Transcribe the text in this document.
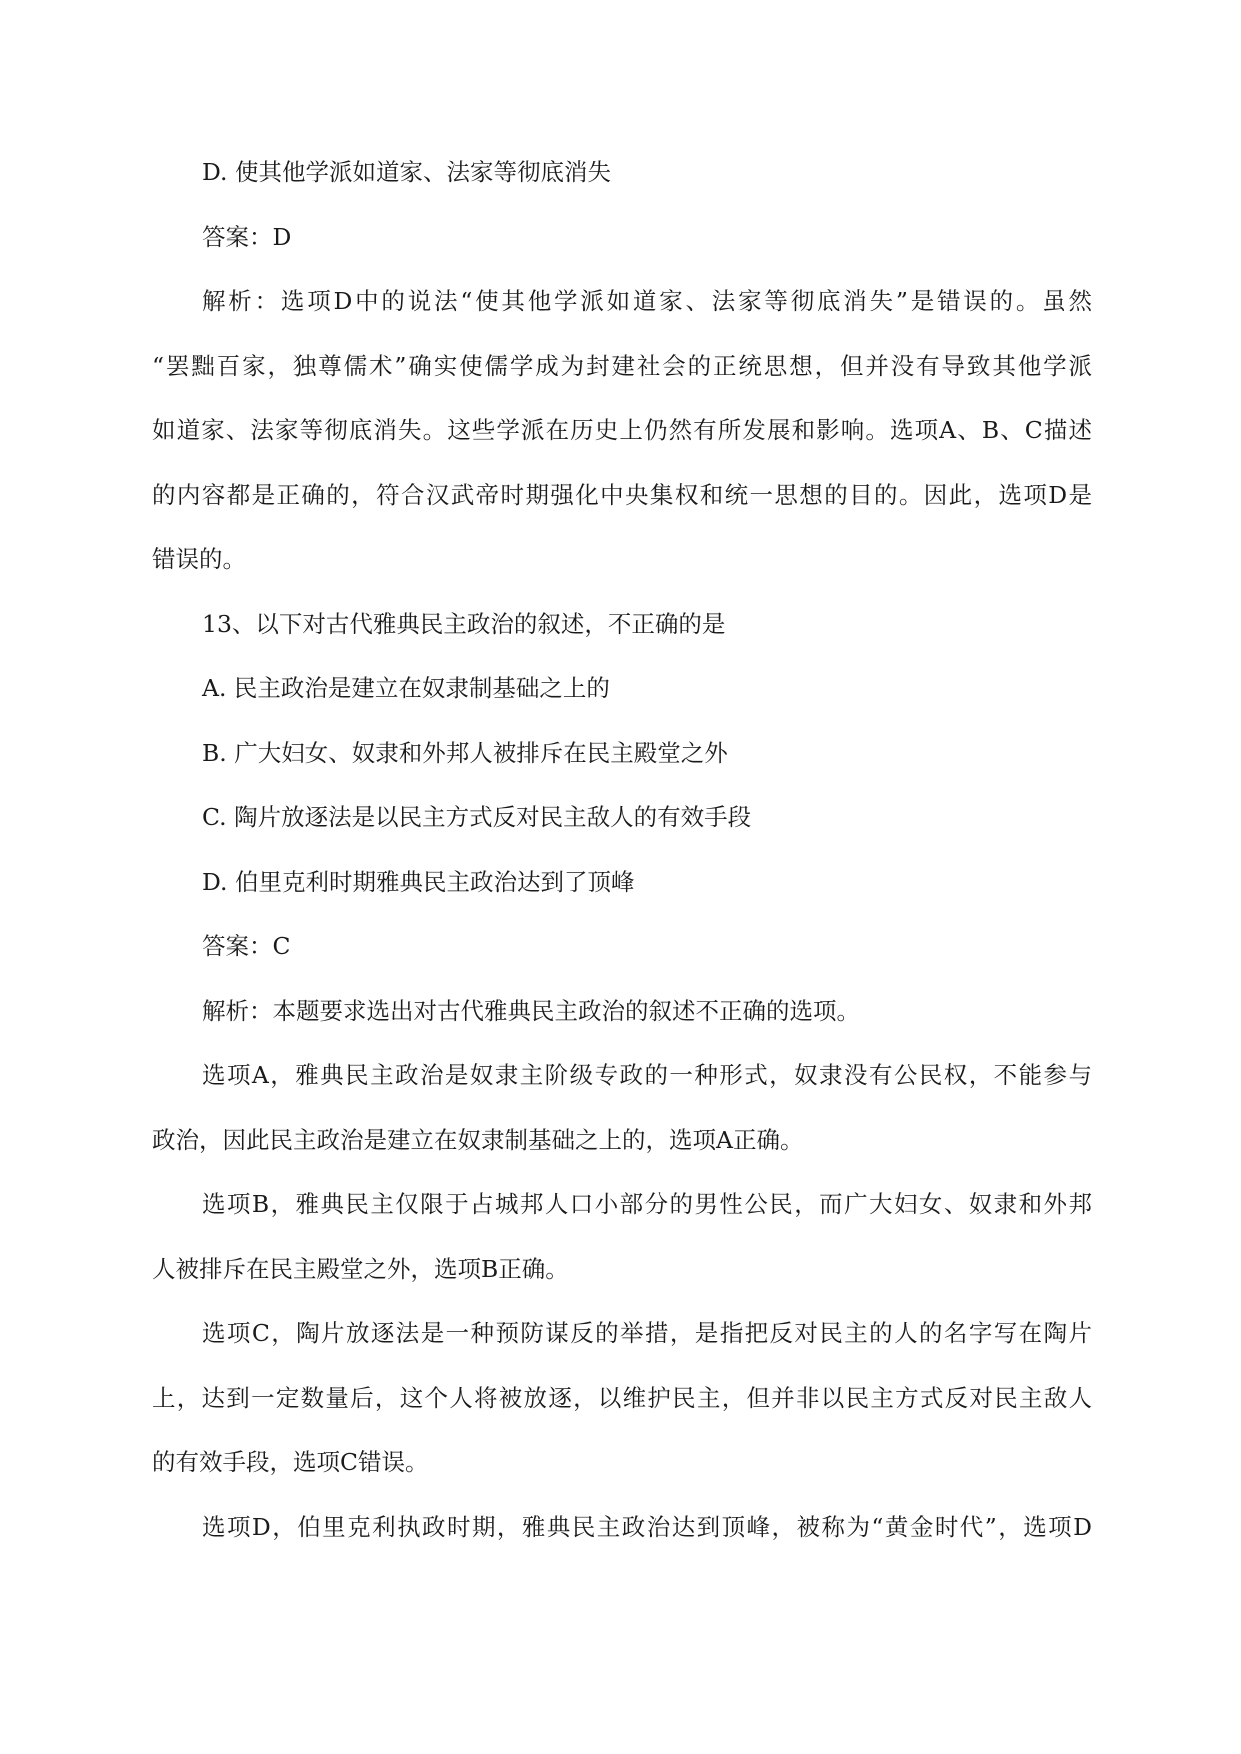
D. 使其他学派如道家、法家等彻底消失
答案：D
解析：选项D中的说法“使其他学派如道家、法家等彻底消失”是错误的。虽然
“罢黜百家，独尊儒术”确实使儒学成为封建社会的正统思想，但并没有导致其他学派
如道家、法家等彻底消失。这些学派在历史上仍然有所发展和影响。选项A、B、C描述
的内容都是正确的，符合汉武帝时期强化中央集权和统一思想的目的。因此，选项D是
错误的。
13、以下对古代雅典民主政治的叙述，不正确的是
A. 民主政治是建立在奴隶制基础之上的
B. 广大妇女、奴隶和外邦人被排斥在民主殿堂之外
C. 陶片放逐法是以民主方式反对民主敌人的有效手段
D. 伯里克利时期雅典民主政治达到了顶峰
答案：C
解析：本题要求选出对古代雅典民主政治的叙述不正确的选项。
选项A，雅典民主政治是奴隶主阶级专政的一种形式，奴隶没有公民权，不能参与
政治，因此民主政治是建立在奴隶制基础之上的，选项A正确。
选项B，雅典民主仅限于占城邦人口小部分的男性公民，而广大妇女、奴隶和外邦
人被排斥在民主殿堂之外，选项B正确。
选项C，陶片放逐法是一种预防谋反的举措，是指把反对民主的人的名字写在陶片
上，达到一定数量后，这个人将被放逐，以维护民主，但并非以民主方式反对民主敌人
的有效手段，选项C错误。
选项D，伯里克利执政时期，雅典民主政治达到顶峰，被称为“黄金时代”，选项D
